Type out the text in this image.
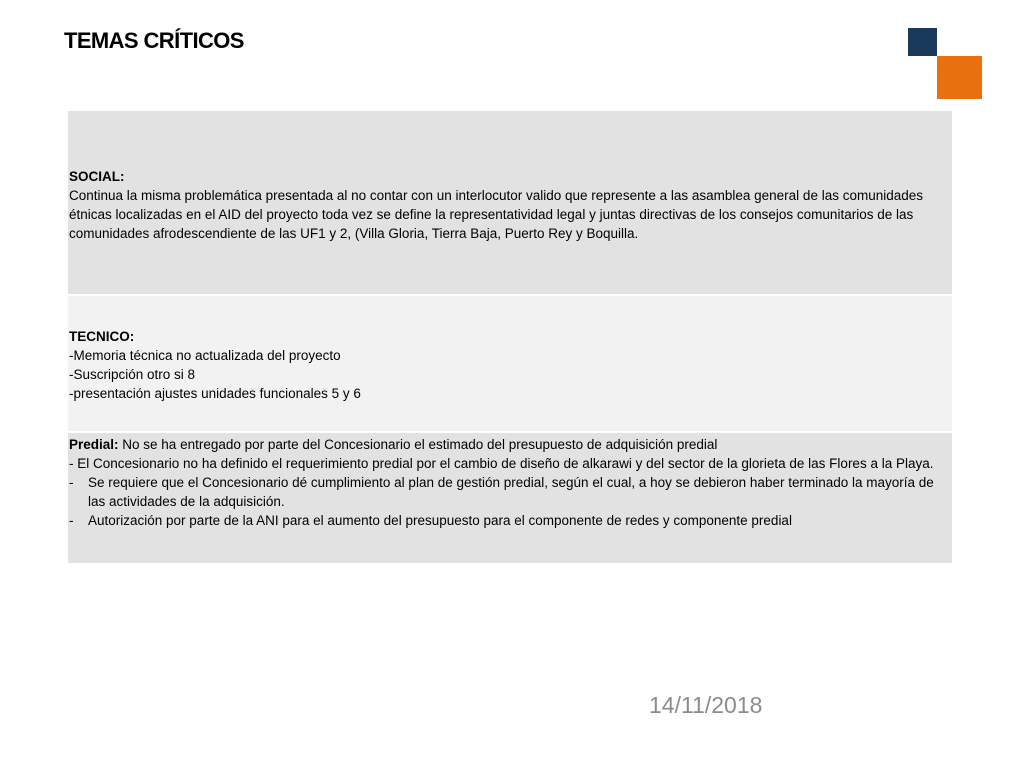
TEMAS CRÍTICOS
SOCIAL:
Continua la misma problemática presentada al no contar con un interlocutor valido que represente a las asamblea general de las comunidades étnicas localizadas en el AID del proyecto toda vez se define la representatividad legal y juntas directivas de los consejos comunitarios de las comunidades afrodescendiente de las UF1 y 2, (Villa Gloria, Tierra Baja, Puerto Rey y Boquilla.
TECNICO:
-Memoria técnica no actualizada del proyecto
-Suscripción otro si 8
-presentación ajustes unidades funcionales 5 y 6
Predial: No se ha entregado por parte del Concesionario el estimado del presupuesto de adquisición predial
- El Concesionario no ha definido el requerimiento predial por el cambio de diseño de alkarawi y del sector de la glorieta de las Flores a la Playa.
-	Se requiere que el Concesionario dé cumplimiento al plan de gestión predial, según el cual, a hoy se debieron haber terminado la mayoría de las actividades de la adquisición.
-	Autorización por parte de la ANI para el aumento del presupuesto para el componente de redes y componente predial
14/11/2018
